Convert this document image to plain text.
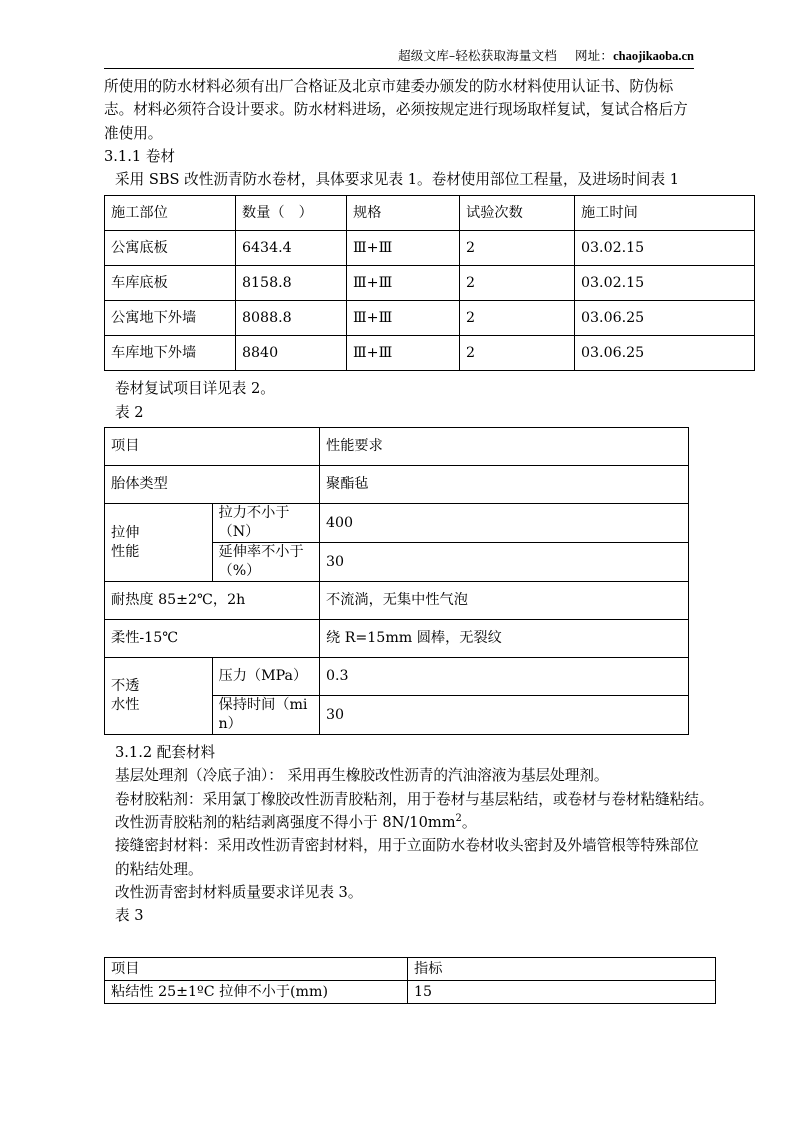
超级文库–轻松获取海量文档 网址：chaojikaoba.cn
所使用的防水材料必须有出厂合格证及北京市建委办颁发的防水材料使用认证书、防伪标
志。材料必须符合设计要求。防水材料进场，必须按规定进行现场取样复试，复试合格后方
准使用。

3.1.1 卷材

采用 SBS 改性沥青防水卷材，具体要求见表 1。卷材使用部位工程量，及进场时间表 1

施工部位	数量（ ）	规格	试验次数	施工时间
公寓底板	6434.4	Ⅲ+Ⅲ	2	03.02.15
车库底板	8158.8	Ⅲ+Ⅲ	2	03.02.15
公寓地下外墙	8088.8	Ⅲ+Ⅲ	2	03.06.25
车库地下外墙	8840	Ⅲ+Ⅲ	2	03.06.25

卷材复试项目详见表 2。

表 2

项目		性能要求
胎体类型		聚酯毡
拉伸
性能	拉力不小于（N）	400
	延伸率不小于（%）	30
耐热度 85±2℃，2h		不流淌，无集中性气泡
柔性-15℃		绕 R=15mm 圆棒，无裂纹
不透
水性	压力（MPa）	0.3
	保持时间（min）	30

3.1.2 配套材料

基层处理剂（冷底子油）： 采用再生橡胶改性沥青的汽油溶液为基层处理剂。

卷材胶粘剂：采用氯丁橡胶改性沥青胶粘剂，用于卷材与基层粘结，或卷材与卷材粘缝粘结。

改性沥青胶粘剂的粘结剥离强度不得小于 $8N/10mm^2$。

接缝密封材料：采用改性沥青密封材料，用于立面防水卷材收头密封及外墙管根等特殊部位

的粘结处理。

改性沥青密封材料质量要求详见表 3。

表 3

项目	指标
粘结性 25±1ºC 拉伸不小于(mm)	15
